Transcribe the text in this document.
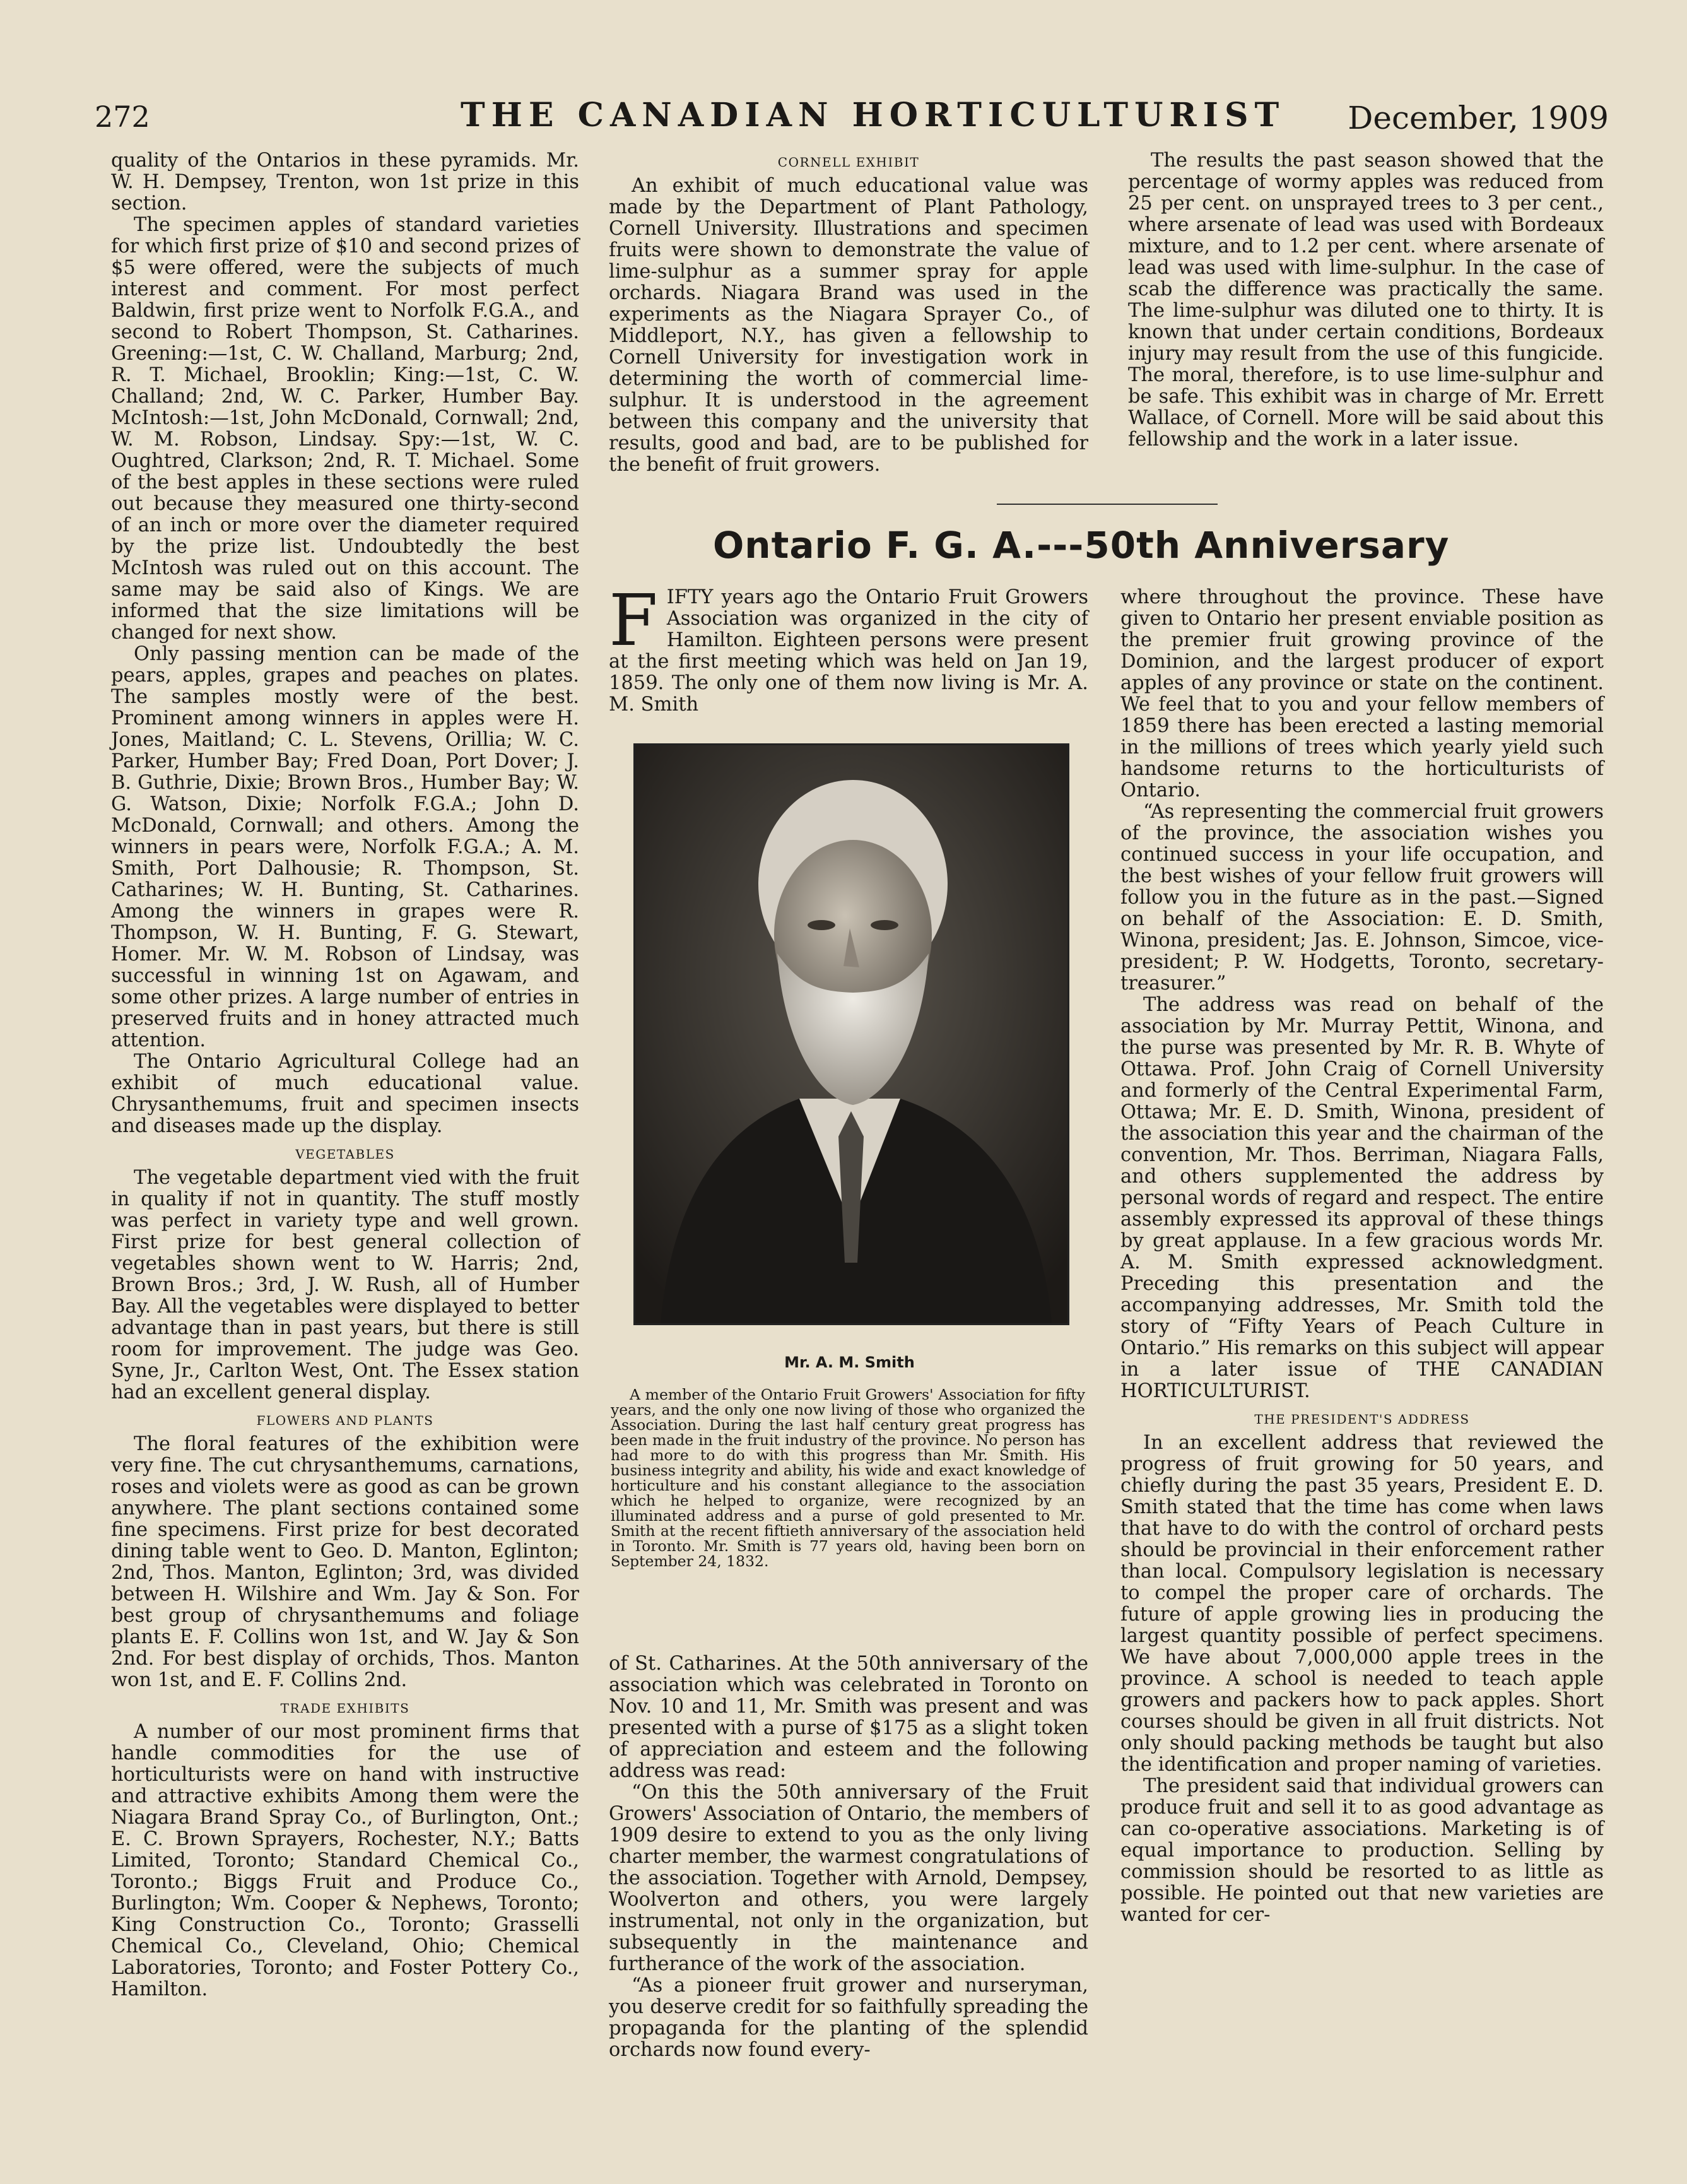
272	THE CANADIAN HORTICULTURIST December, 1909

quality of the Ontarios in these pyramids. Mr. W. H. Dempsey, Trenton, won 1st prize in this section.

The specimen apples of standard varieties for which first prize of $10 and second prizes of $5 were offered, were the subjects of much interest and comment. For most perfect Baldwin, first prize went to Norfolk F.G.A., and second to Robert Thompson, St. Catharines. Greening:—1st, C. W. Challand, Marburg; 2nd, R. T. Michael, Brooklin; King:—1st, C. W. Challand; 2nd, W. C. Parker, Humber Bay. McIntosh:—1st, John McDonald, Cornwall; 2nd, W. M. Robson, Lindsay. Spy:—1st, W. C. Oughtred, Clarkson; 2nd, R. T. Michael. Some of the best apples in these sections were ruled out because they measured one thirty-second of an inch or more over the diameter required by the prize list. Undoubtedly the best McIntosh was ruled out on this account. The same may be said also of Kings. We are informed that the size limitations will be changed for next show.

Only passing mention can be made of the pears, apples, grapes and peaches on plates. The samples mostly were of the best. Prominent among winners in apples were H. Jones, Maitland; C. L. Stevens, Orillia; W. C. Parker, Humber Bay; Fred Doan, Port Dover; J. B. Guthrie, Dixie; Brown Bros., Humber Bay; W. G. Watson, Dixie; Norfolk F.G.A.; John D. McDonald, Cornwall; and others. Among the winners in pears were, Norfolk F.G.A.; A. M. Smith, Port Dalhousie; R. Thompson, St. Catharines; W. H. Bunting, St. Catharines. Among the winners in grapes were R. Thompson, W. H. Bunting, F. G. Stewart, Homer. Mr. W. M. Robson of Lindsay, was successful in winning 1st on Agawam, and some other prizes. A large number of entries in preserved fruits and in honey attracted much attention.

The Ontario Agricultural College had an exhibit of much educational value. Chrysanthemums, fruit and specimen insects and diseases made up the display.

VEGETABLES

The vegetable department vied with the fruit in quality if not in quantity. The stuff mostly was perfect in variety type and well grown. First prize for best general collection of vegetables shown went to W. Harris; 2nd, Brown Bros.; 3rd, J. W. Rush, all of Humber Bay. All the vegetables were displayed to better advantage than in past years, but there is still room for improvement. The judge was Geo. Syne, Jr., Carlton West, Ont. The Essex station had an excellent general display.

FLOWERS AND PLANTS

The floral features of the exhibition were very fine. The cut chrysanthemums, carnations, roses and violets were as good as can be grown anywhere. The plant sections contained some fine specimens. First prize for best decorated dining table went to Geo. D. Manton, Eglinton; 2nd, Thos. Manton, Eglinton; 3rd, was divided between H. Wilshire and Wm. Jay & Son. For best group of chrysanthemums and foliage plants E. F. Collins won 1st, and W. Jay & Son 2nd. For best display of orchids, Thos. Manton won 1st, and E. F. Collins 2nd.

TRADE EXHIBITS

A number of our most prominent firms that handle commodities for the use of horticulturists were on hand with instructive and attractive exhibits Among them were the Niagara Brand Spray Co., of Burlington, Ont.; E. C. Brown Sprayers, Rochester, N.Y.; Batts Limited, Toronto; Standard Chemical Co., Toronto.; Biggs Fruit and Produce Co., Burlington; Wm. Cooper & Nephews, Toronto; King Construction Co., Toronto; Grasselli Chemical Co., Cleveland, Ohio; Chemical Laboratories, Toronto; and Foster Pottery Co., Hamilton.

CORNELL EXHIBIT

An exhibit of much educational value was made by the Department of Plant Pathology, Cornell University. Illustrations and specimen fruits were shown to demonstrate the value of lime-sulphur as a summer spray for apple orchards. Niagara Brand was used in the experiments as the Niagara Sprayer Co., of Middleport, N.Y., has given a fellowship to Cornell University for investigation work in determining the worth of commercial lime-sulphur. It is understood in the agreement between this company and the university that results, good and bad, are to be published for the benefit of fruit growers.

The results the past season showed that the percentage of wormy apples was reduced from 25 per cent. on unsprayed trees to 3 per cent., where arsenate of lead was used with Bordeaux mixture, and to 1.2 per cent. where arsenate of lead was used with lime-sulphur. In the case of scab the difference was practically the same. The lime-sulphur was diluted one to thirty. It is known that under certain conditions, Bordeaux injury may result from the use of this fungicide. The moral, therefore, is to use lime-sulphur and be safe. This exhibit was in charge of Mr. Errett Wallace, of Cornell. More will be said about this fellowship and the work in a later issue.

Ontario F. G. A.---50th Anniversary

FIFTY years ago the Ontario Fruit Growers Association was organized in the city of Hamilton. Eighteen persons were present at the first meeting which was held on Jan 19, 1859. The only one of them now living is Mr. A. M. Smith

Mr. A. M. Smith

A member of the Ontario Fruit Growers' Association for fifty years, and the only one now living of those who organized the Association. During the last half century great progress has been made in the fruit industry of the province. No person has had more to do with this progress than Mr. Smith. His business integrity and ability, his wide and exact knowledge of horticulture and his constant allegiance to the association which he helped to organize, were recognized by an illuminated address and a purse of gold presented to Mr. Smith at the recent fiftieth anniversary of the association held in Toronto. Mr. Smith is 77 years old, having been born on September 24, 1832.

of St. Catharines. At the 50th anniversary of the association which was celebrated in Toronto on Nov. 10 and 11, Mr. Smith was present and was presented with a purse of $175 as a slight token of appreciation and esteem and the following address was read:

“On this the 50th anniversary of the Fruit Growers' Association of Ontario, the members of 1909 desire to extend to you as the only living charter member, the warmest congratulations of the association. Together with Arnold, Dempsey, Woolverton and others, you were largely instrumental, not only in the organization, but subsequently in the maintenance and furtherance of the work of the association.

“As a pioneer fruit grower and nurseryman, you deserve credit for so faithfully spreading the propaganda for the planting of the splendid orchards now found every-

where throughout the province. These have given to Ontario her present enviable position as the premier fruit growing province of the Dominion, and the largest producer of export apples of any province or state on the continent. We feel that to you and your fellow members of 1859 there has been erected a lasting memorial in the millions of trees which yearly yield such handsome returns to the horticulturists of Ontario.

“As representing the commercial fruit growers of the province, the association wishes you continued success in your life occupation, and the best wishes of your fellow fruit growers will follow you in the future as in the past.—Signed on behalf of the Association: E. D. Smith, Winona, president; Jas. E. Johnson, Simcoe, vice-president; P. W. Hodgetts, Toronto, secretary-treasurer.”

The address was read on behalf of the association by Mr. Murray Pettit, Winona, and the purse was presented by Mr. R. B. Whyte of Ottawa. Prof. John Craig of Cornell University and formerly of the Central Experimental Farm, Ottawa; Mr. E. D. Smith, Winona, president of the association this year and the chairman of the convention, Mr. Thos. Berriman, Niagara Falls, and others supplemented the address by personal words of regard and respect. The entire assembly expressed its approval of these things by great applause. In a few gracious words Mr. A. M. Smith expressed acknowledgment. Preceding this presentation and the accompanying addresses, Mr. Smith told the story of “Fifty Years of Peach Culture in Ontario.” His remarks on this subject will appear in a later issue of THE CANADIAN HORTICULTURIST.

THE PRESIDENT'S ADDRESS

In an excellent address that reviewed the progress of fruit growing for 50 years, and chiefly during the past 35 years, President E. D. Smith stated that the time has come when laws that have to do with the control of orchard pests should be provincial in their enforcement rather than local. Compulsory legislation is necessary to compel the proper care of orchards. The future of apple growing lies in producing the largest quantity possible of perfect specimens. We have about 7,000,000 apple trees in the province. A school is needed to teach apple growers and packers how to pack apples. Short courses should be given in all fruit districts. Not only should packing methods be taught but also the identification and proper naming of varieties.

The president said that individual growers can produce fruit and sell it to as good advantage as can co-operative associations. Marketing is of equal importance to production. Selling by commission should be resorted to as little as possible. He pointed out that new varieties are wanted for cer-
